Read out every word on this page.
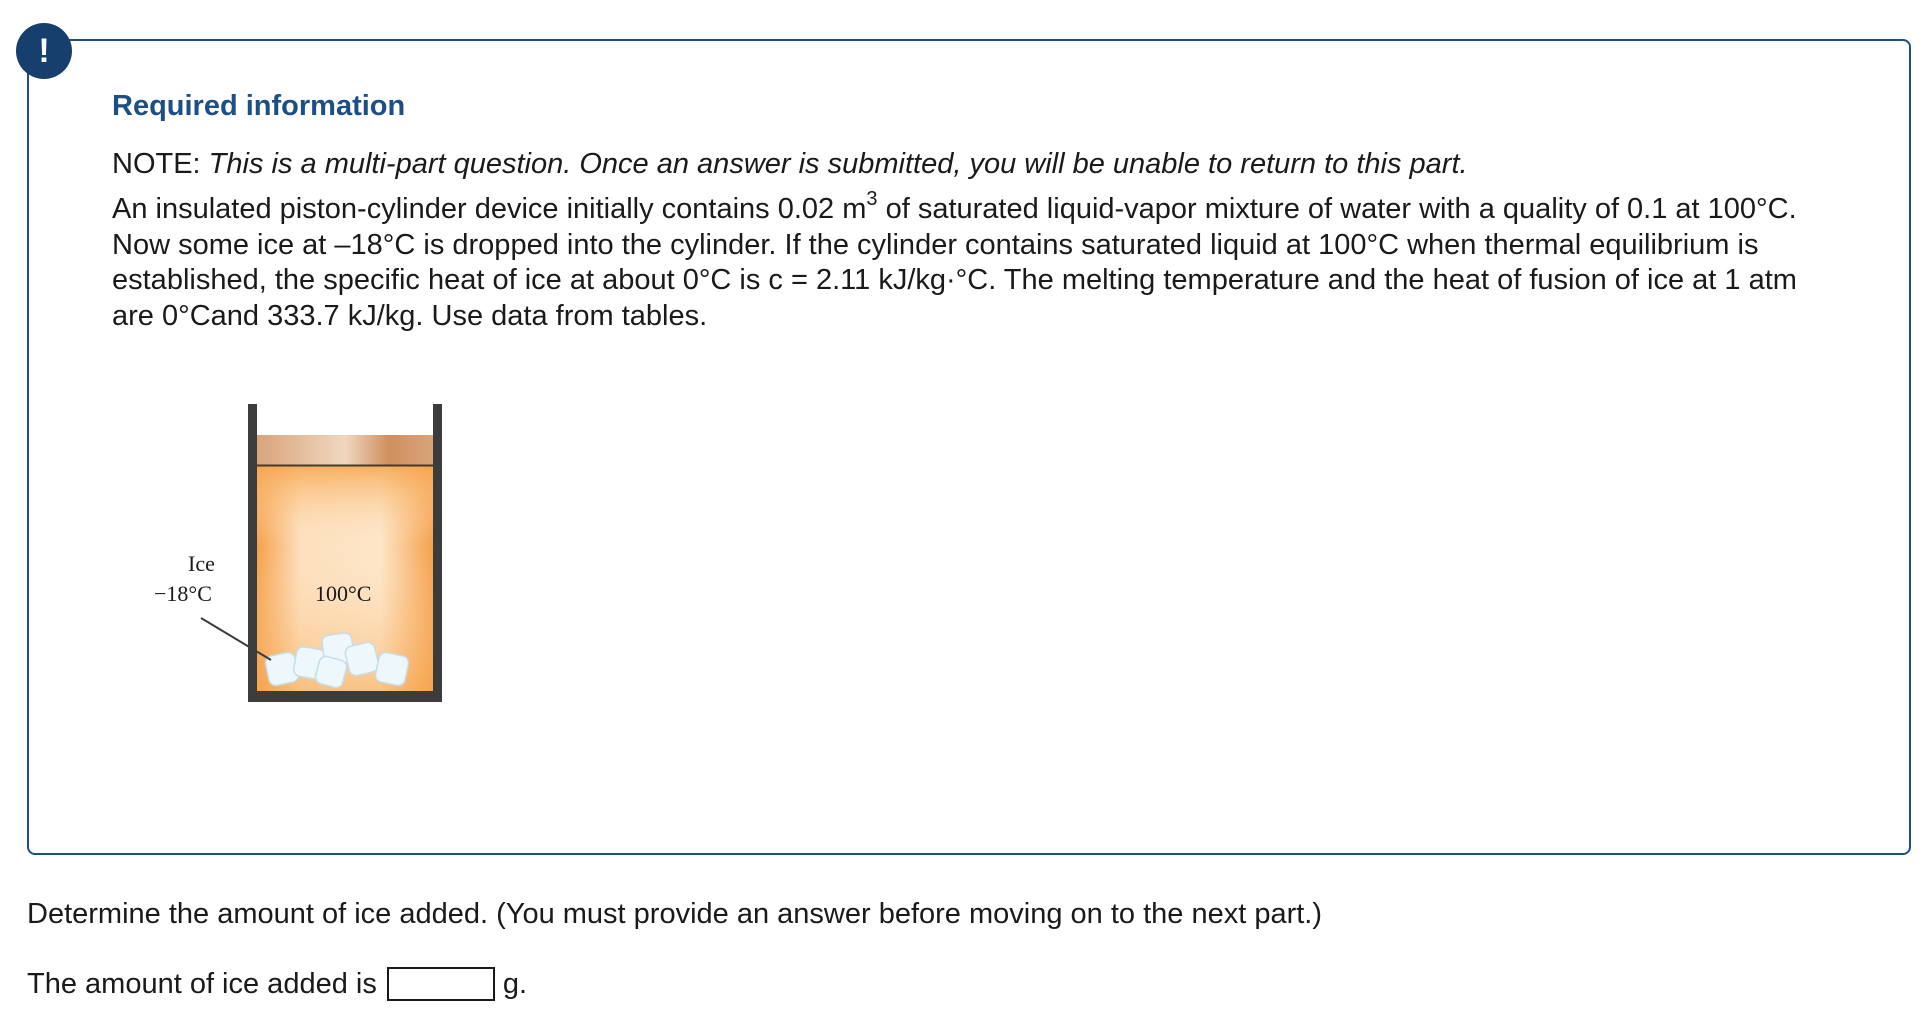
!
Required information
NOTE: This is a multi-part question. Once an answer is submitted, you will be unable to return to this part.

An insulated piston-cylinder device initially contains 0.02 $m^3$ of saturated liquid-vapor mixture of water with a quality of 0.1 at 100°C. Now some ice at –18°C is dropped into the cylinder. If the cylinder contains saturated liquid at 100°C when thermal equilibrium is established, the specific heat of ice at about 0°C is c = 2.11 kJ/kg·°C. The melting temperature and the heat of fusion of ice at 1 atm are 0°Cand 333.7 kJ/kg. Use data from tables.

Ice
−18°C	100°C
Determine the amount of ice added. (You must provide an answer before moving on to the next part.)
The amount of ice added is	g.
